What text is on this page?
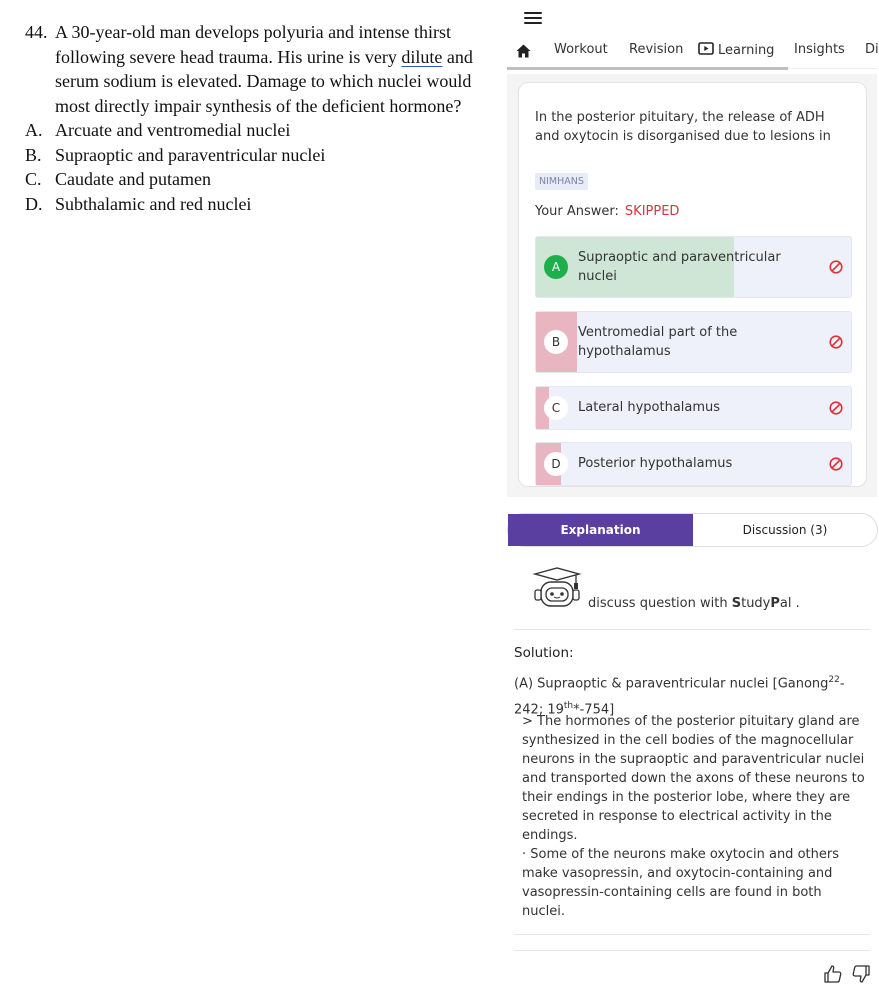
44. A 30-year-old man develops polyuria and intense thirst following severe head trauma. His urine is very dilute and serum sodium is elevated. Damage to which nuclei would most directly impair synthesis of the deficient hormone?
A. Arcuate and ventromedial nuclei
B. Supraoptic and paraventricular nuclei
C. Caudate and putamen
D. Subthalamic and red nuclei
Workout Revision	Learning Insights Di
In the posterior pituitary, the release of ADH and oxytocin is disorganised due to lesions in
NIMHANS
Your Answer: SKIPPED
A
Supraoptic and paraventricular nuclei
B
Ventromedial part of the hypothalamus
C	Lateral hypothalamus
D	Posterior hypothalamus
Explanation	Discussion (3)
discuss question with StudyPal .
Solution:
(A) Supraoptic & paraventricular nuclei [Ganong$^{22}$-242; 19th*-754]

> The hormones of the posterior pituitary gland are synthesized in the cell bodies of the magnocellular neurons in the supraoptic and paraventricular nuclei and transported down the axons of these neurons to their endings in the posterior lobe, where they are secreted in response to electrical activity in the endings.

· Some of the neurons make oxytocin and others make vasopressin, and oxytocin-containing and vasopressin-containing cells are found in both nuclei.
